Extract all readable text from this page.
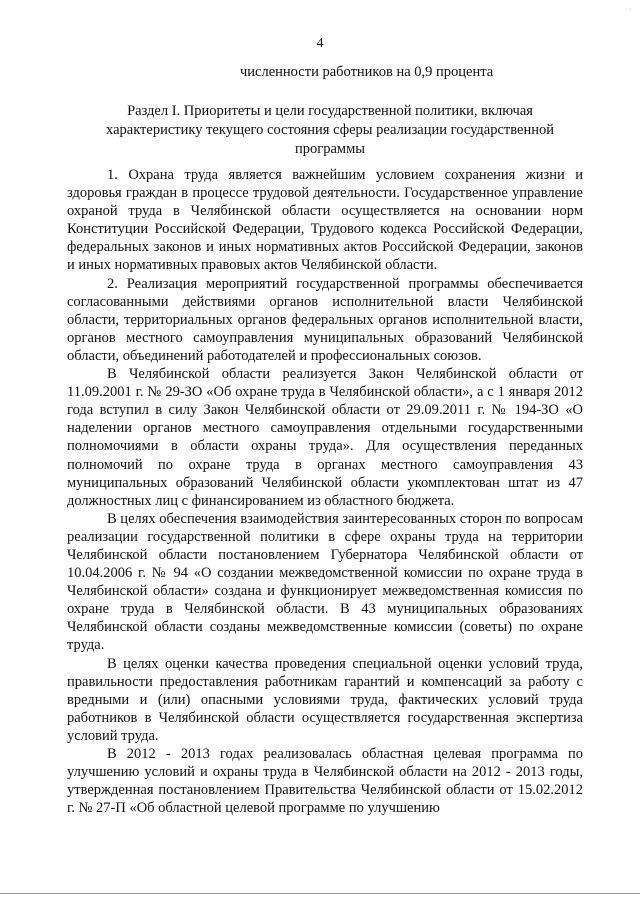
·
4
численности работников на 0,9 процента
Раздел I. Приоритеты и цели государственной политики, включая характеристику текущего состояния сферы реализации государственной программы

1. Охрана труда является важнейшим условием сохранения жизни и здоровья граждан в процессе трудовой деятельности. Государственное управление охраной труда в Челябинской области осуществляется на основании норм Конституции Российской Федерации, Трудового кодекса Российской Федерации, федеральных законов и иных нормативных актов Российской Федерации, законов и иных нормативных правовых актов Челябинской области.

2. Реализация мероприятий государственной программы обеспечивается согласованными действиями органов исполнительной власти Челябинской области, территориальных органов федеральных органов исполнительной власти, органов местного самоуправления муниципальных образований Челябинской области, объединений работодателей и профессиональных союзов.

В Челябинской области реализуется Закон Челябинской области от 11.09.2001 г. № 29-ЗО «Об охране труда в Челябинской области», а с 1 января 2012 года вступил в силу Закон Челябинской области от 29.09.2011 г. № 194-ЗО «О наделении органов местного самоуправления отдельными государственными полномочиями в области охраны труда». Для осуществления переданных полномочий по охране труда в органах местного самоуправления 43 муниципальных образований Челябинской области укомплектован штат из 47 должностных лиц с финансированием из областного бюджета.

В целях обеспечения взаимодействия заинтересованных сторон по вопросам реализации государственной политики в сфере охраны труда на территории Челябинской области постановлением Губернатора Челябинской области от 10.04.2006 г. № 94 «О создании межведомственной комиссии по охране труда в Челябинской области» создана и функционирует межведомственная комиссия по охране труда в Челябинской области. В 43 муниципальных образованиях Челябинской области созданы межведомственные комиссии (советы) по охране труда.

В целях оценки качества проведения специальной оценки условий труда, правильности предоставления работникам гарантий и компенсаций за работу с вредными и (или) опасными условиями труда, фактических условий труда работников в Челябинской области осуществляется государственная экспертиза условий труда.

В 2012 - 2013 годах реализовалась областная целевая программа по улучшению условий и охраны труда в Челябинской области на 2012 - 2013 годы, утвержденная постановлением Правительства Челябинской области от 15.02.2012 г. № 27-П «Об областной целевой программе по улучшению
